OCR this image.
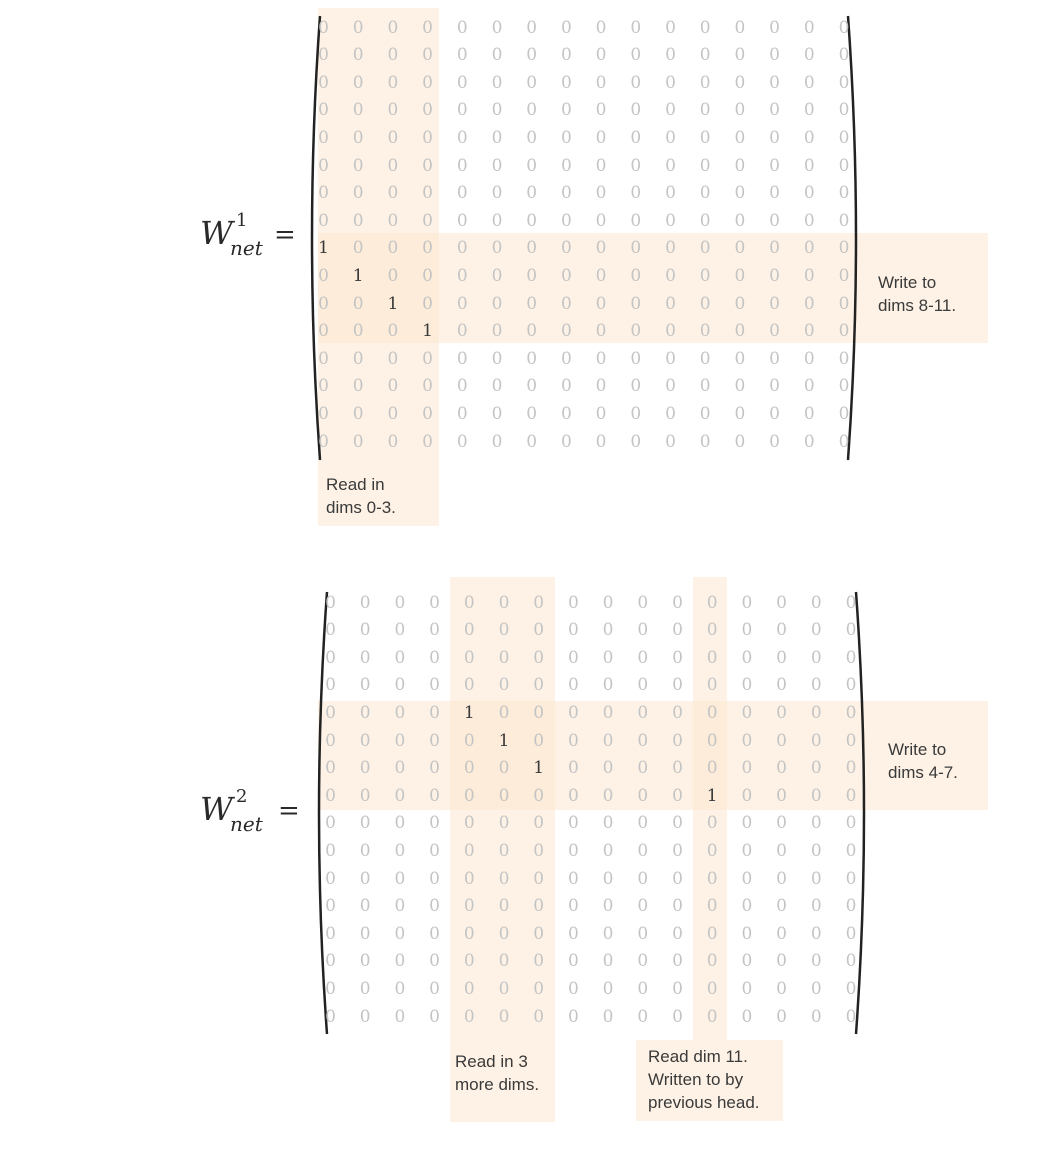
0	0	0	0	0	0	0	0	0	0	0	0	0	0	0	0
0	0	0	0	0	0	0	0	0	0	0	0	0	0	0	0
0	0	0	0	0	0	0	0	0	0	0	0	0	0	0	0
0	0	0	0	0	0	0	0	0	0	0	0	0	0	0	0
0	0	0	0	0	0	0	0	0	0	0	0	0	0	0	0
0	0	0	0	0	0	0	0	0	0	0	0	0	0	0	0
0	0	0	0	0	0	0	0	0	0	0	0	0	0	0	0
0	0	0	0	0	0	0	0	0	0	0	0	0	0	0	0
1	0	0	0	0	0	0	0	0	0	0	0	0	0	0	0
0	1	0	0	0	0	0	0	0	0	0	0	0	0	0	0
0	0	1	0	0	0	0	0	0	0	0	0	0	0	0	0
0	0	0	1	0	0	0	0	0	0	0	0	0	0	0	0
0	0	0	0	0	0	0	0	0	0	0	0	0	0	0	0
0	0	0	0	0	0	0	0	0	0	0	0	0	0	0	0
0	0	0	0	0	0	0	0	0	0	0	0	0	0	0	0
0	0	0	0	0	0	0	0	0	0	0	0	0	0	0	0
W 1
net =
Read in
dims 0-3.
Write to
dims 8-11.
0	0	0	0	0	0	0	0	0	0	0	0	0	0	0	0
0	0	0	0	0	0	0	0	0	0	0	0	0	0	0	0
0	0	0	0	0	0	0	0	0	0	0	0	0	0	0	0
0	0	0	0	0	0	0	0	0	0	0	0	0	0	0	0
0	0	0	0	1	0	0	0	0	0	0	0	0	0	0	0
0	0	0	0	0	1	0	0	0	0	0	0	0	0	0	0
0	0	0	0	0	0	1	0	0	0	0	0	0	0	0	0
0	0	0	0	0	0	0	0	0	0	0	1	0	0	0	0
0	0	0	0	0	0	0	0	0	0	0	0	0	0	0	0
0	0	0	0	0	0	0	0	0	0	0	0	0	0	0	0
0	0	0	0	0	0	0	0	0	0	0	0	0	0	0	0
0	0	0	0	0	0	0	0	0	0	0	0	0	0	0	0
0	0	0	0	0	0	0	0	0	0	0	0	0	0	0	0
0	0	0	0	0	0	0	0	0	0	0	0	0	0	0	0
0	0	0	0	0	0	0	0	0	0	0	0	0	0	0	0
0	0	0	0	0	0	0	0	0	0	0	0	0	0	0	0
W 2
net =
Read in 3
more dims.
Read dim 11.
Written to by
previous head.
Write to
dims 4-7.
